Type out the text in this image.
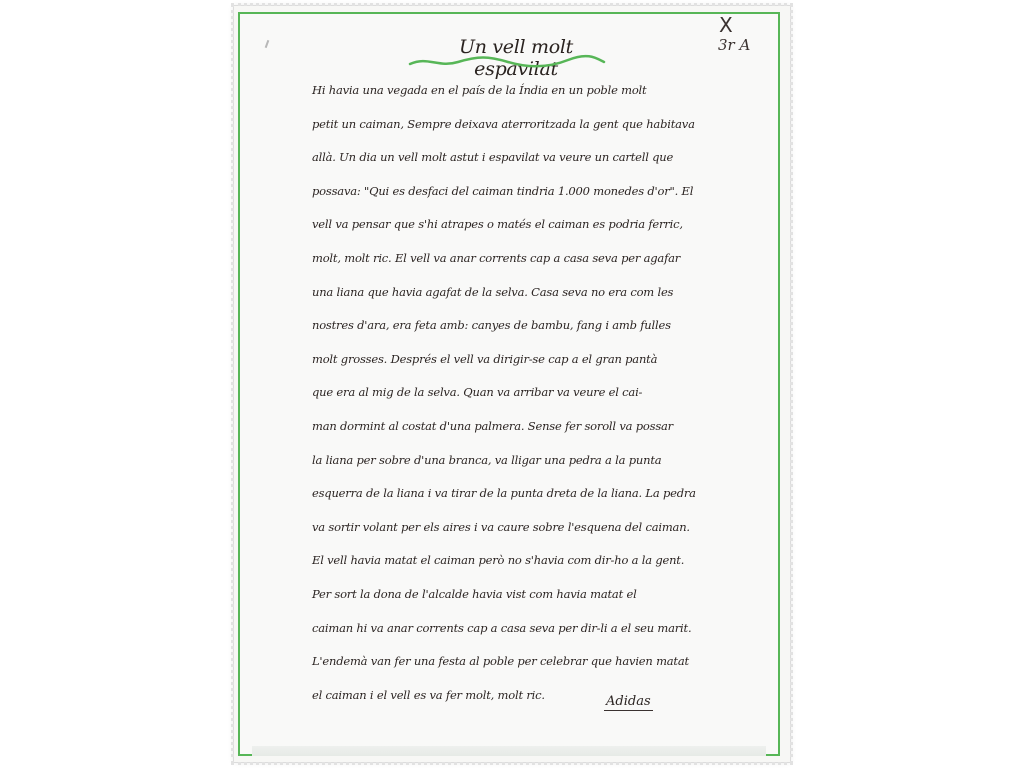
Un vell molt espavilat
X
3r A
Hi havia una vegada en el país de la Índia en un poble molt
petit un caiman, Sempre deixava aterroritzada la gent que habitava
allà. Un dia un vell molt astut i espavilat va veure un cartell que
possava: "Qui es desfaci del caiman tindria 1.000 monedes d'or". El
vell va pensar que s'hi atrapes o matés el caiman es podria ferric,
molt, molt ric. El vell va anar corrents cap a casa seva per agafar
una liana que havia agafat de la selva. Casa seva no era com les
nostres d'ara, era feta amb: canyes de bambu, fang i amb fulles
molt grosses. Després el vell va dirigir-se cap a el gran pantà
que era al mig de la selva. Quan va arribar va veure el cai-
man dormint al costat d'una palmera. Sense fer soroll va possar
la liana per sobre d'una branca, va lligar una pedra a la punta
esquerra de la liana i va tirar de la punta dreta de la liana. La pedra
va sortir volant per els aires i va caure sobre l'esquena del caiman.
El vell havia matat el caiman però no s'havia com dir-ho a la gent.
Per sort la dona de l'alcalde havia vist com havia matat el
caiman hi va anar corrents cap a casa seva per dir-li a el seu marit.
L'endemà van fer una festa al poble per celebrar que havien matat
el caiman i el vell es va fer molt, molt ric.	Adidas
